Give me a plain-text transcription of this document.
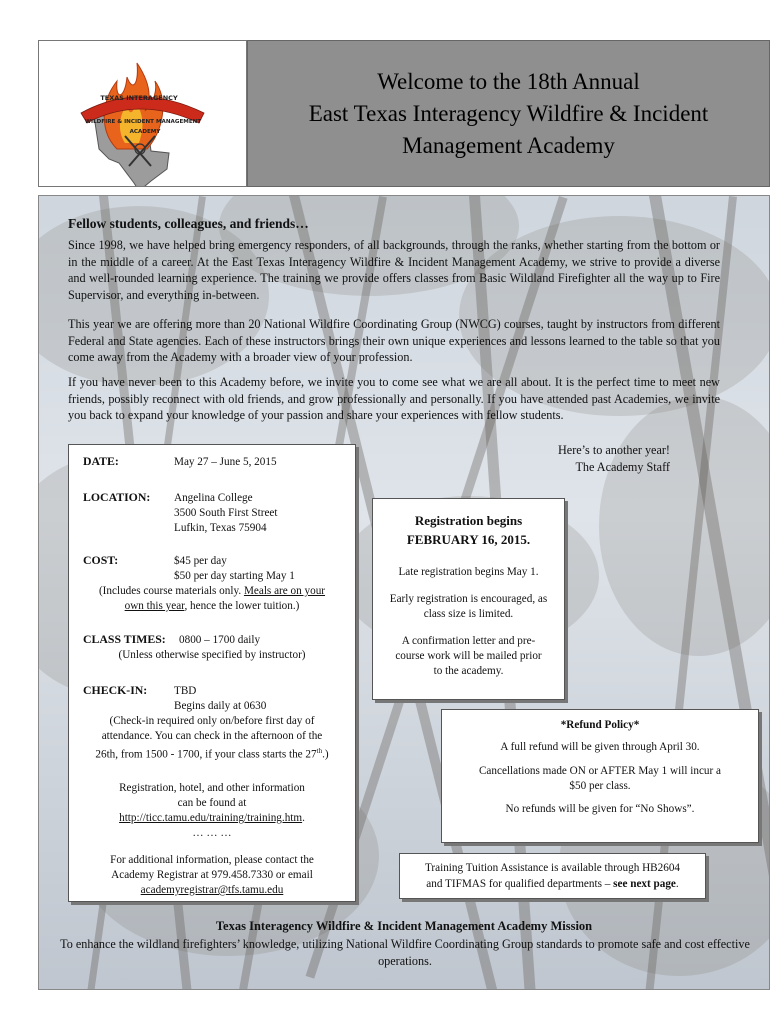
TEXAS INTERAGENCY
WILDFIRE & INCIDENT MANAGEMENT
ACADEMY
Welcome to the 18th Annual
East Texas Interagency Wildfire & Incident
Management Academy
Fellow students, colleagues, and friends…
Since 1998, we have helped bring emergency responders, of all backgrounds, through the ranks, whether starting from the bottom or in the middle of a career. At the East Texas Interagency Wildfire & Incident Management Academy, we strive to provide a diverse and well-rounded learning experience. The training we provide offers classes from Basic Wildland Firefighter all the way up to Fire Supervisor, and everything in-between.
This year we are offering more than 20 National Wildfire Coordinating Group (NWCG) courses, taught by instructors from different Federal and State agencies. Each of these instructors brings their own unique experiences and lessons learned to the table so that you come away from the Academy with a broader view of your profession.
If you have never been to this Academy before, we invite you to come see what we are all about. It is the perfect time to meet new friends, possibly reconnect with old friends, and grow professionally and personally. If you have attended past Academies, we invite you back to expand your knowledge of your passion and share your experiences with fellow students.
Here’s to another year!
The Academy Staff
DATE:	May 27 – June 5, 2015
LOCATION: Angelina College
3500 South First Street
Lufkin, Texas 75904
COST:	$45 per day
$50 per day starting May 1
(Includes course materials only. Meals are on your
own this year, hence the lower tuition.)
CLASS TIMES: 0800 – 1700 daily
(Unless otherwise specified by instructor)
CHECK-IN: TBD
Begins daily at 0630
(Check-in required only on/before first day of
attendance. You can check in the afternoon of the
26th, from 1500 - 1700, if your class starts the 27th.)
Registration, hotel, and other information
can be found at
http://ticc.tamu.edu/training/training.htm.
… … …
For additional information, please contact the
Academy Registrar at 979.458.7330 or email
academyregistrar@tfs.tamu.edu
Registration begins
FEBRUARY 16, 2015.
Late registration begins May 1.
Early registration is encouraged, as
class size is limited.
A confirmation letter and pre-
course work will be mailed prior
to the academy.
*Refund Policy*
A full refund will be given through April 30.
Cancellations made ON or AFTER May 1 will incur a
$50 per class.
No refunds will be given for “No Shows”.
Training Tuition Assistance is available through HB2604
and TIFMAS for qualified departments – see next page.
Texas Interagency Wildfire & Incident Management Academy Mission
To enhance the wildland firefighters’ knowledge, utilizing National Wildfire Coordinating Group standards to promote safe and cost effective operations.
